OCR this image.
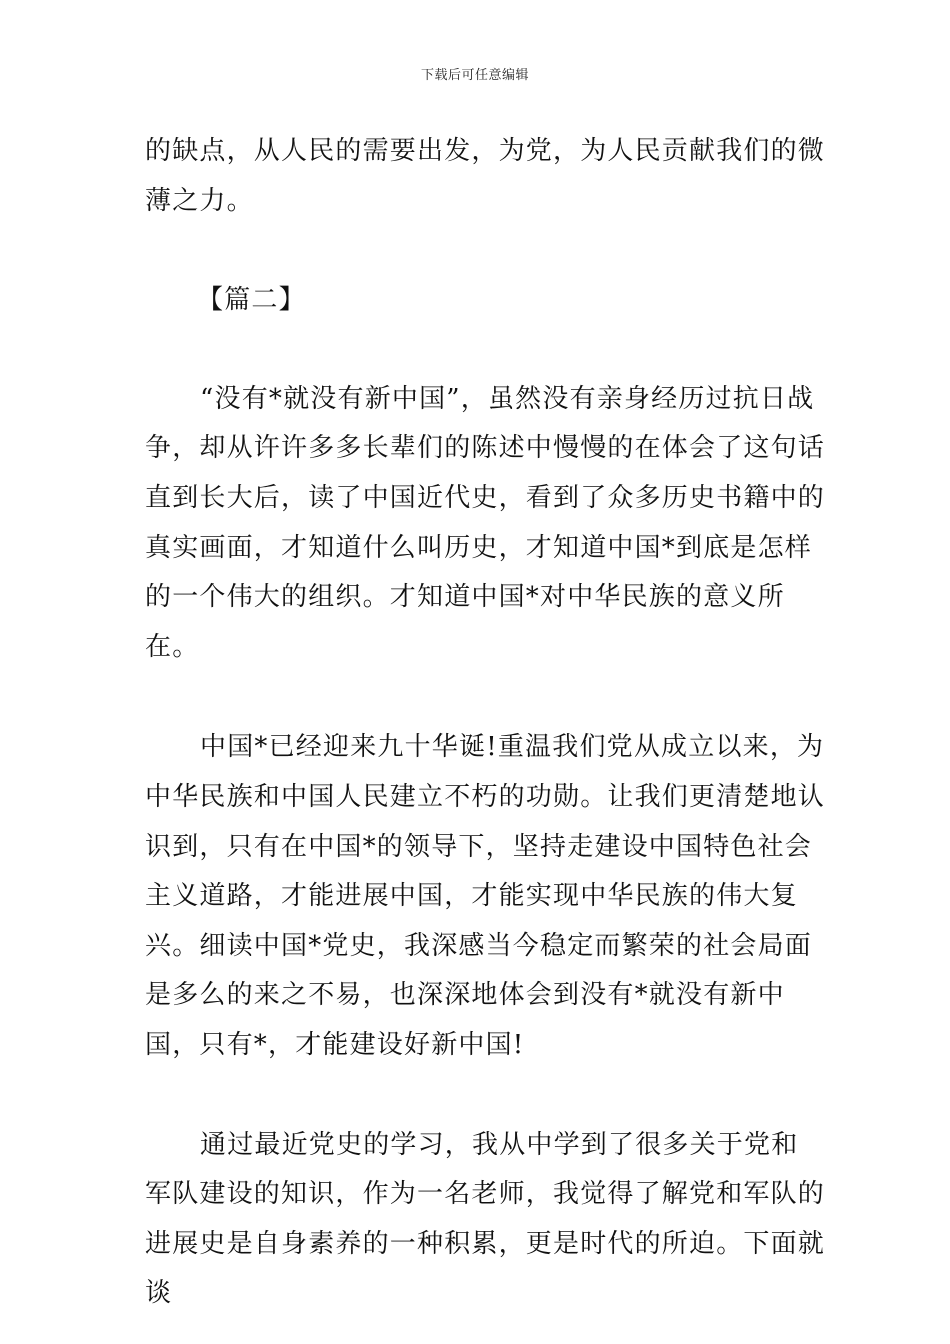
下载后可任意编辑

的缺点，从人民的需要出发，为党，为人民贡献我们的微薄之力。

【篇二】

“没有*就没有新中国”，虽然没有亲身经历过抗日战争，却从许许多多长辈们的陈述中慢慢的在体会了这句话直到长大后，读了中国近代史，看到了众多历史书籍中的真实画面，才知道什么叫历史，才知道中国*到底是怎样的一个伟大的组织。才知道中国*对中华民族的意义所在。

中国*已经迎来九十华诞!重温我们党从成立以来，为中华民族和中国人民建立不朽的功勋。让我们更清楚地认识到，只有在中国*的领导下，坚持走建设中国特色社会主义道路，才能进展中国，才能实现中华民族的伟大复兴。细读中国*党史，我深感当今稳定而繁荣的社会局面是多么的来之不易，也深深地体会到没有*就没有新中国，只有*，才能建设好新中国!

通过最近党史的学习，我从中学到了很多关于党和军队建设的知识，作为一名老师，我觉得了解党和军队的进展史是自身素养的一种积累，更是时代的所迫。下面就谈
